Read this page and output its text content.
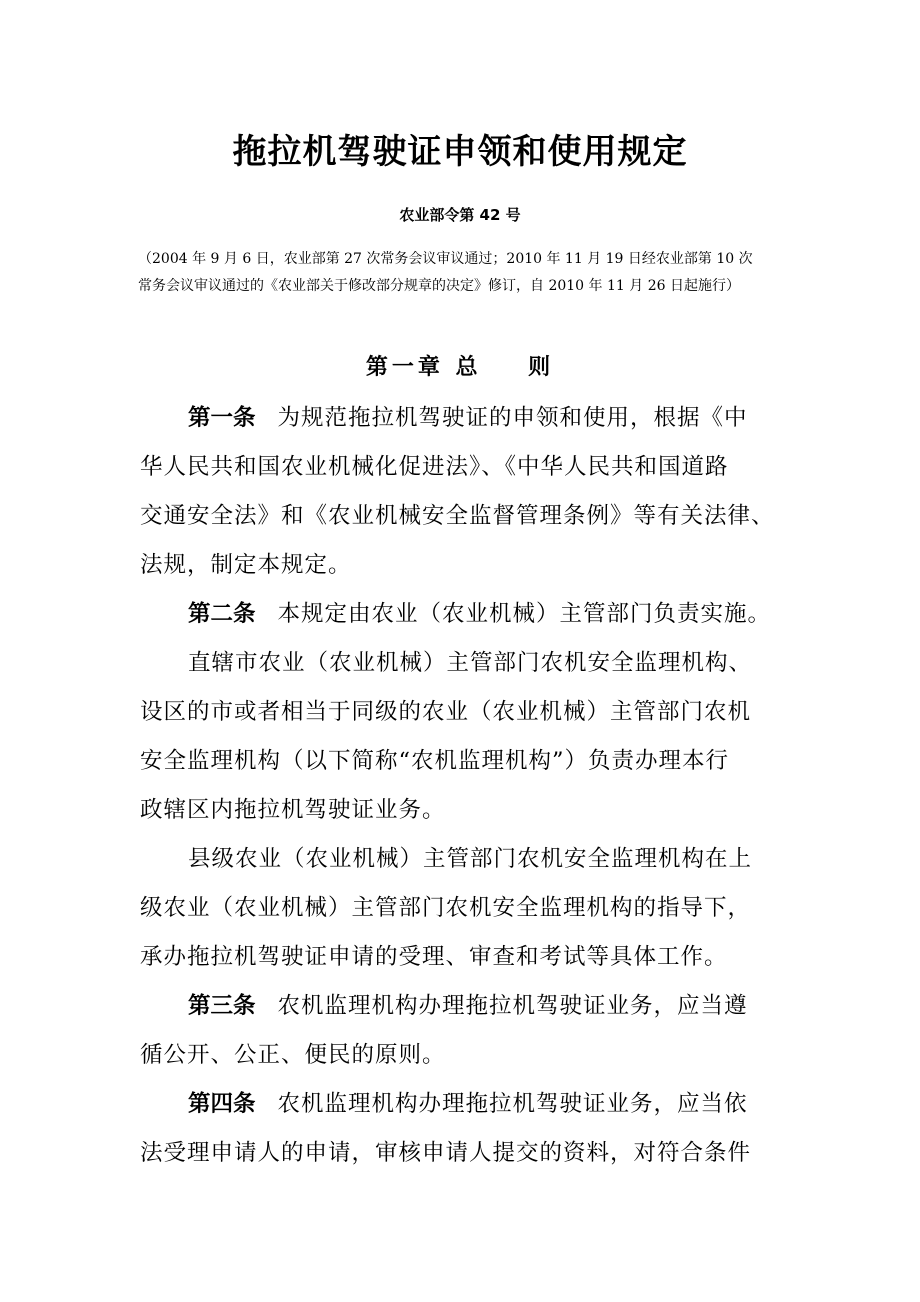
拖拉机驾驶证申领和使用规定
农业部令第 42 号
（2004 年 9 月 6 日，农业部第 27 次常务会议审议通过；2010 年 11 月 19 日经农业部第 10 次
常务会议审议通过的《农业部关于修改部分规章的决定》修订，自 2010 年 11 月 26 日起施行）
第一章 总    则
第一条 为规范拖拉机驾驶证的申领和使用，根据《中
华人民共和国农业机械化促进法》、《中华人民共和国道路
交通安全法》和《农业机械安全监督管理条例》等有关法律、
法规，制定本规定。
第二条 本规定由农业（农业机械）主管部门负责实施。
直辖市农业（农业机械）主管部门农机安全监理机构、
设区的市或者相当于同级的农业（农业机械）主管部门农机
安全监理机构（以下简称“农机监理机构”）负责办理本行
政辖区内拖拉机驾驶证业务。
县级农业（农业机械）主管部门农机安全监理机构在上
级农业（农业机械）主管部门农机安全监理机构的指导下，
承办拖拉机驾驶证申请的受理、审查和考试等具体工作。
第三条 农机监理机构办理拖拉机驾驶证业务，应当遵
循公开、公正、便民的原则。
第四条 农机监理机构办理拖拉机驾驶证业务，应当依
法受理申请人的申请，审核申请人提交的资料，对符合条件
